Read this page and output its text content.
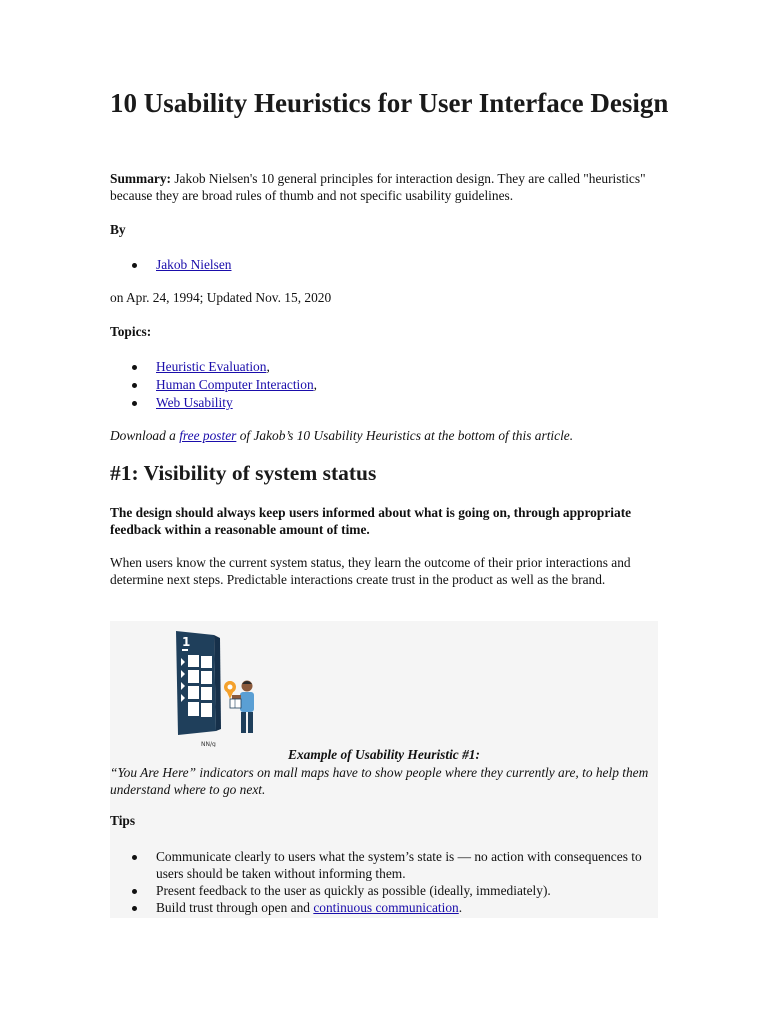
10 Usability Heuristics for User Interface Design
Summary: Jakob Nielsen's 10 general principles for interaction design. They are called "heuristics" because they are broad rules of thumb and not specific usability guidelines.
By
Jakob Nielsen
on Apr. 24, 1994; Updated Nov. 15, 2020
Topics:
Heuristic Evaluation,
Human Computer Interaction,
Web Usability
Download a free poster of Jakob’s 10 Usability Heuristics at the bottom of this article.
#1: Visibility of system status
The design should always keep users informed about what is going on, through appropriate feedback within a reasonable amount of time.
When users know the current system status, they learn the outcome of their prior interactions and determine next steps. Predictable interactions create trust in the product as well as the brand.
1
NN/g
Example of Usability Heuristic #1:
“You Are Here” indicators on mall maps have to show people where they currently are, to help them understand where to go next.
Tips
Communicate clearly to users what the system’s state is — no action with consequences to users should be taken without informing them.
Present feedback to the user as quickly as possible (ideally, immediately).
Build trust through open and continuous communication.
